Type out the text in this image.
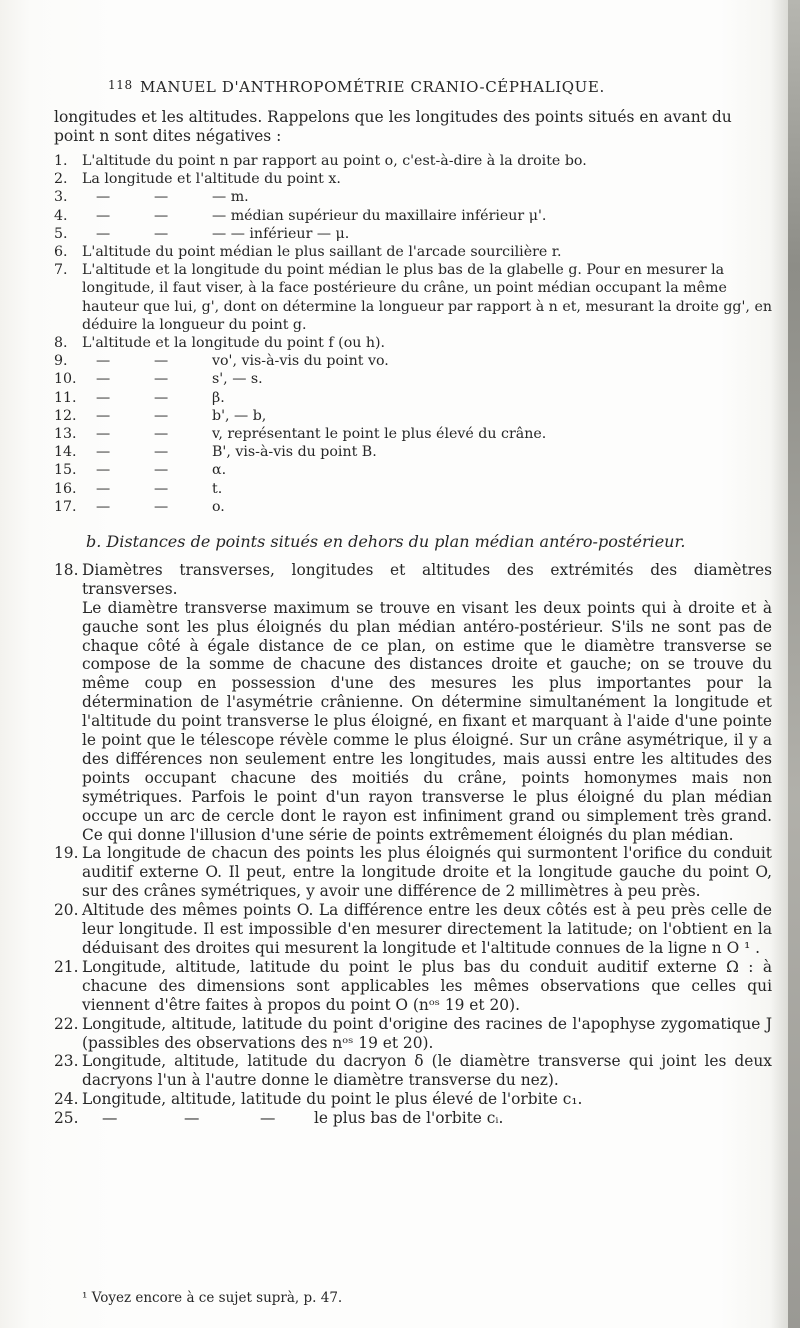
118 MANUEL D'ANTHROPOMÉTRIE CRANIO-CÉPHALIQUE.

longitudes et les altitudes. Rappelons que les longitudes des points situés en avant du point n sont dites négatives :

1.	L'altitude du point n par rapport au point o, c'est-à-dire à la droite bo.
2.	La longitude et l'altitude du point x.
3. —	—	— m.
4. —	—	— médian supérieur du maxillaire inférieur μ'.
5. —	—	— — inférieur — μ.
6.	L'altitude du point médian le plus saillant de l'arcade sourcilière r.
7.	L'altitude et la longitude du point médian le plus bas de la glabelle g. Pour en mesurer la longitude, il faut viser, à la face postérieure du crâne, un point médian occupant la même hauteur que lui, g', dont on détermine la longueur par rapport à n et, mesurant la droite gg', en déduire la longueur du point g.
8.	L'altitude et la longitude du point f (ou h).
9. —	—	vo', vis-à-vis du point vo.
10. —	—	s', — s.
11. —	—	β.
12. —	—	b', — b,
13. —	—	v, représentant le point le plus élevé du crâne.
14. —	—	B', vis-à-vis du point B.
15. —	—	α.
16. —	—	t.
17. —	—	o.
b. Distances de points situés en dehors du plan médian antéro-postérieur.
18. Diamètres transverses, longitudes et altitudes des extrémités des diamètres transverses.

Le diamètre transverse maximum se trouve en visant les deux points qui à droite et à gauche sont les plus éloignés du plan médian antéro-postérieur. S'ils ne sont pas de chaque côté à égale distance de ce plan, on estime que le diamètre transverse se compose de la somme de chacune des distances droite et gauche; on se trouve du même coup en possession d'une des mesures les plus importantes pour la détermination de l'asymétrie crânienne. On détermine simultanément la longitude et l'altitude du point transverse le plus éloigné, en fixant et marquant à l'aide d'une pointe le point que le télescope révèle comme le plus éloigné. Sur un crâne asymétrique, il y a des différences non seulement entre les longitudes, mais aussi entre les altitudes des points occupant chacune des moitiés du crâne, points homonymes mais non symétriques. Parfois le point d'un rayon transverse le plus éloigné du plan médian occupe un arc de cercle dont le rayon est infiniment grand ou simplement très grand. Ce qui donne l'illusion d'une série de points extrêmement éloignés du plan médian.

19. La longitude de chacun des points les plus éloignés qui surmontent l'orifice du conduit auditif externe O. Il peut, entre la longitude droite et la longitude gauche du point O, sur des crânes symétriques, y avoir une différence de 2 millimètres à peu près.

20. Altitude des mêmes points O. La différence entre les deux côtés est à peu près celle de leur longitude. Il est impossible d'en mesurer directement la latitude; on l'obtient en la déduisant des droites qui mesurent la longitude et l'altitude connues de la ligne n O ¹ .

21. Longitude, altitude, latitude du point le plus bas du conduit auditif externe Ω : à chacune des dimensions sont applicables les mêmes observations que celles qui viennent d'être faites à propos du point O (nᵒˢ 19 et 20).

22. Longitude, altitude, latitude du point d'origine des racines de l'apophyse zygomatique J (passibles des observations des nᵒˢ 19 et 20).

23. Longitude, altitude, latitude du dacryon δ (le diamètre transverse qui joint les deux dacryons l'un à l'autre donne le diamètre transverse du nez).

24. Longitude, altitude, latitude du point le plus élevé de l'orbite c₁.

25. —	—	—	le plus bas de l'orbite cᵢ.
¹ Voyez encore à ce sujet suprà, p. 47.
